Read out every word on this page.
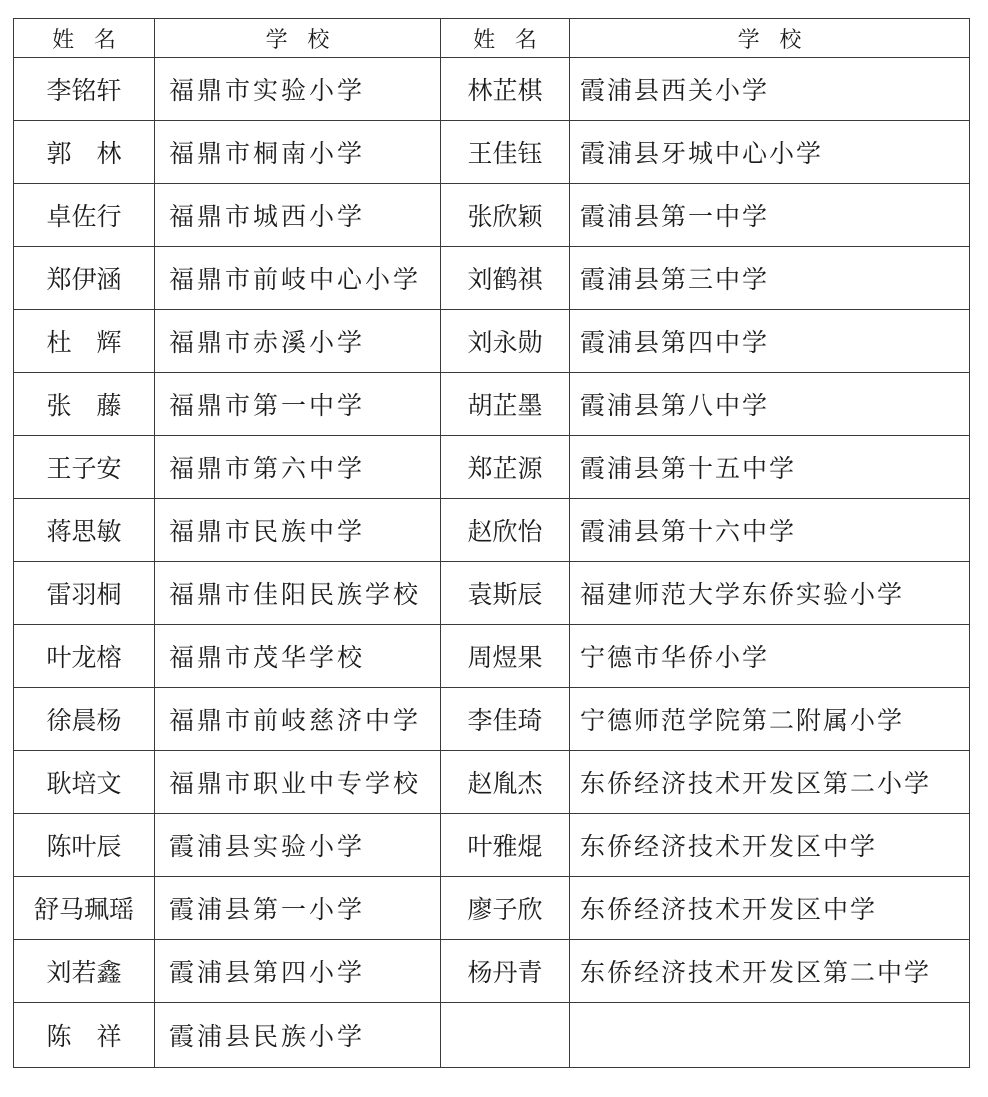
姓名	学校	姓名	学校
李铭轩	福鼎市实验小学	林芷棋	霞浦县西关小学
郭　林	福鼎市桐南小学	王佳钰	霞浦县牙城中心小学
卓佐行	福鼎市城西小学	张欣颖	霞浦县第一中学
郑伊涵	福鼎市前岐中心小学	刘鹤祺	霞浦县第三中学
杜　辉	福鼎市赤溪小学	刘永勋	霞浦县第四中学
张　藤	福鼎市第一中学	胡芷墨	霞浦县第八中学
王子安	福鼎市第六中学	郑芷源	霞浦县第十五中学
蒋思敏	福鼎市民族中学	赵欣怡	霞浦县第十六中学
雷羽桐	福鼎市佳阳民族学校	袁斯辰	福建师范大学东侨实验小学
叶龙榕	福鼎市茂华学校	周煜果	宁德市华侨小学
徐晨杨	福鼎市前岐慈济中学	李佳琦	宁德师范学院第二附属小学
耿培文	福鼎市职业中专学校	赵胤杰	东侨经济技术开发区第二小学
陈叶辰	霞浦县实验小学	叶雅焜	东侨经济技术开发区中学
舒马珮瑶	霞浦县第一小学	廖子欣	东侨经济技术开发区中学
刘若鑫	霞浦县第四小学	杨丹青	东侨经济技术开发区第二中学
陈　祥	霞浦县民族小学		
